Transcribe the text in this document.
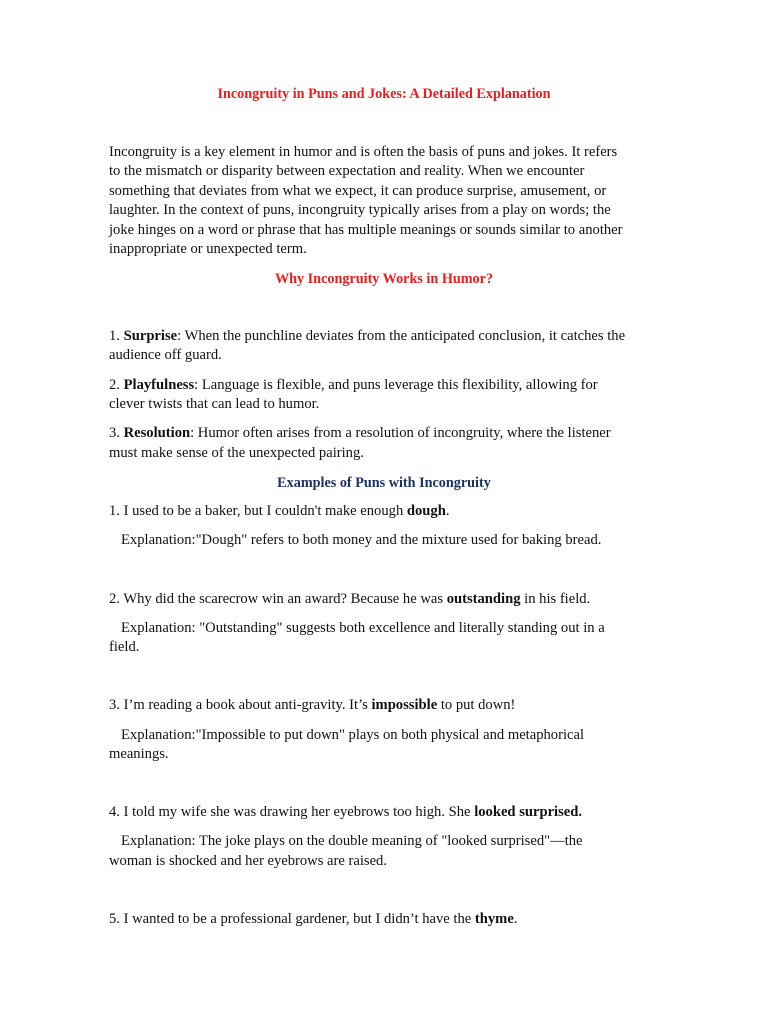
Incongruity in Puns and Jokes: A Detailed Explanation
Incongruity is a key element in humor and is often the basis of puns and jokes. It refers
to the mismatch or disparity between expectation and reality. When we encounter
something that deviates from what we expect, it can produce surprise, amusement, or
laughter. In the context of puns, incongruity typically arises from a play on words; the
joke hinges on a word or phrase that has multiple meanings or sounds similar to another
inappropriate or unexpected term.
Why Incongruity Works in Humor?
1. Surprise: When the punchline deviates from the anticipated conclusion, it catches the
audience off guard.
2. Playfulness: Language is flexible, and puns leverage this flexibility, allowing for
clever twists that can lead to humor.
3. Resolution: Humor often arises from a resolution of incongruity, where the listener
must make sense of the unexpected pairing.
Examples of Puns with Incongruity
1. I used to be a baker, but I couldn't make enough dough.
Explanation:"Dough" refers to both money and the mixture used for baking bread.
2. Why did the scarecrow win an award? Because he was outstanding in his field.
Explanation: "Outstanding" suggests both excellence and literally standing out in a
field.
3. I’m reading a book about anti-gravity. It’s impossible to put down!
Explanation:"Impossible to put down" plays on both physical and metaphorical
meanings.
4. I told my wife she was drawing her eyebrows too high. She looked surprised.
Explanation: The joke plays on the double meaning of "looked surprised"—the
woman is shocked and her eyebrows are raised.
5. I wanted to be a professional gardener, but I didn’t have the thyme.
